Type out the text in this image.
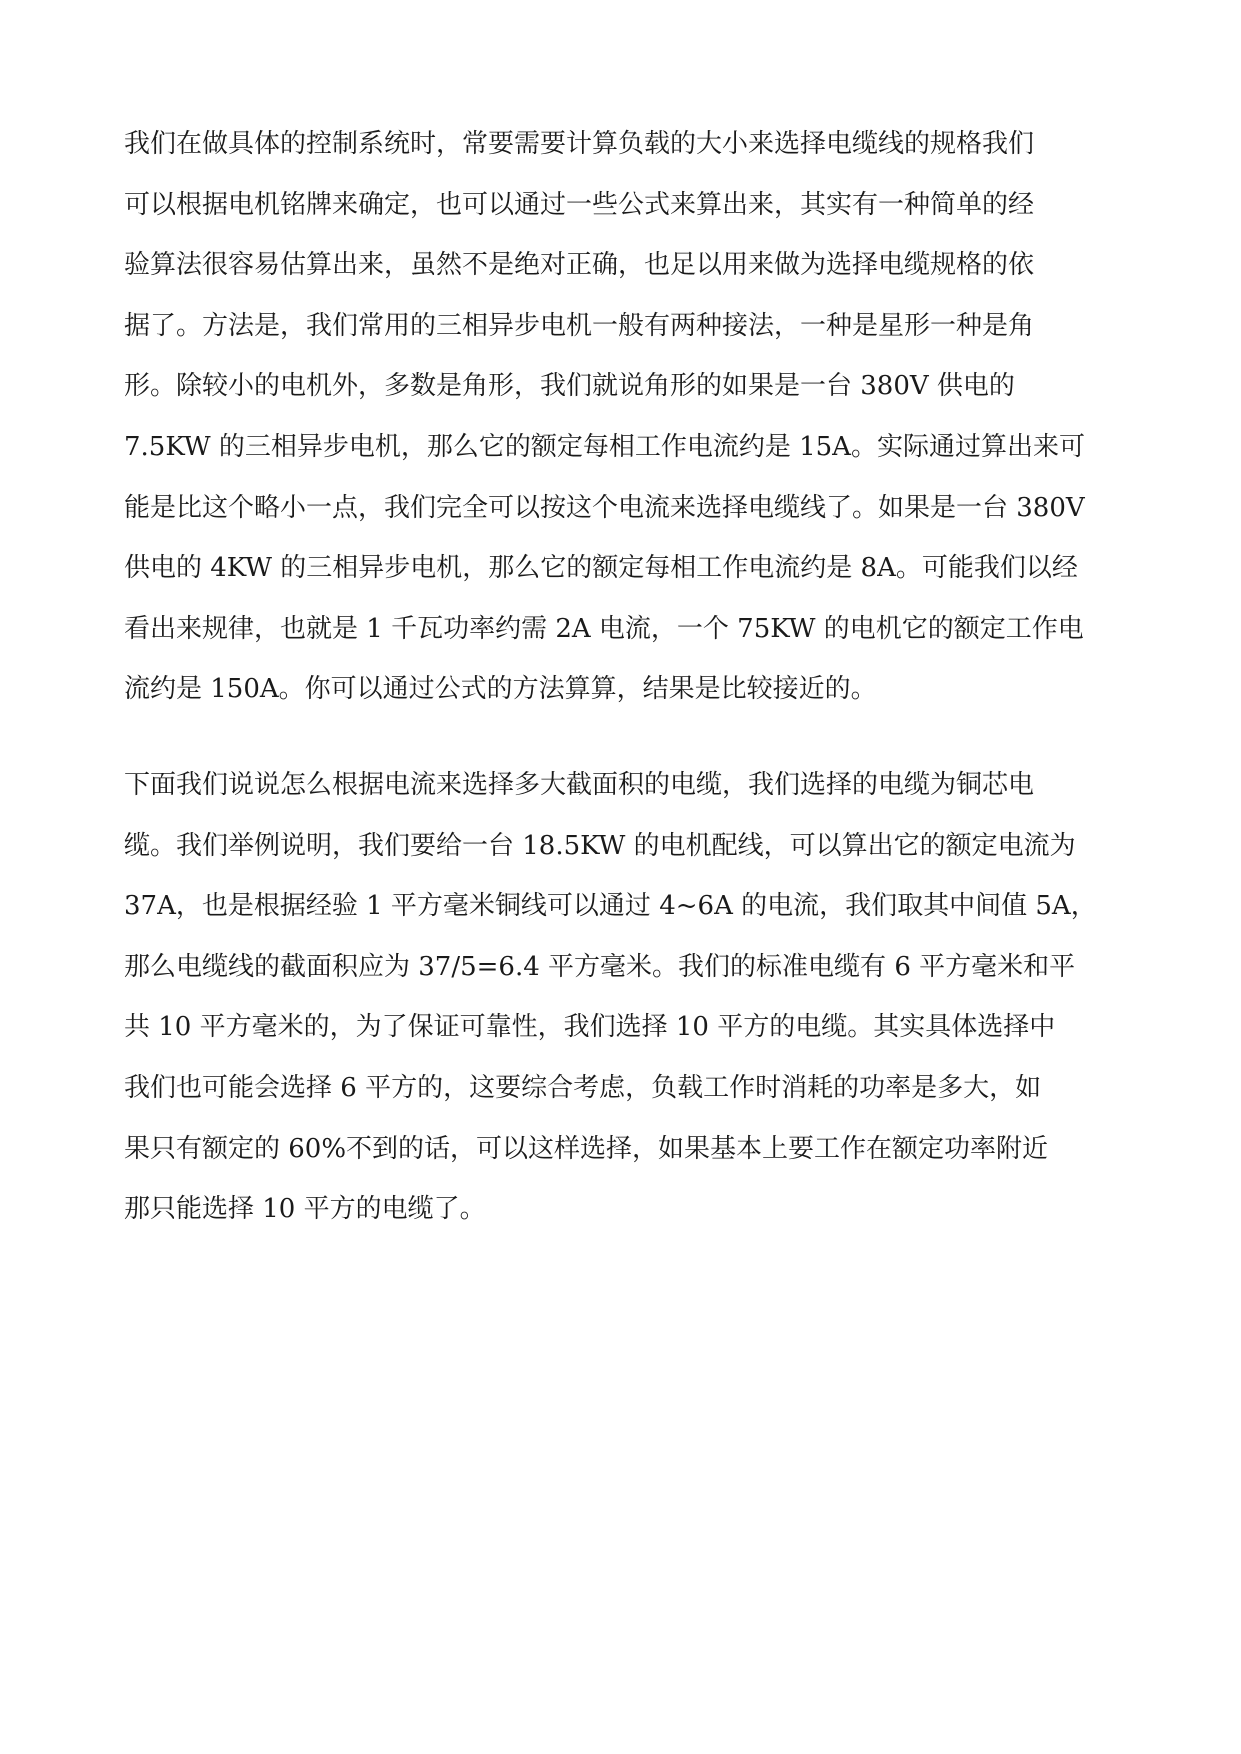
我们在做具体的控制系统时，常要需要计算负载的大小来选择电缆线的规格我们
可以根据电机铭牌来确定，也可以通过一些公式来算出来，其实有一种简单的经
验算法很容易估算出来，虽然不是绝对正确，也足以用来做为选择电缆规格的依
据了。方法是，我们常用的三相异步电机一般有两种接法，一种是星形一种是角
形。除较小的电机外，多数是角形，我们就说角形的如果是一台 380V 供电的
7.5KW 的三相异步电机，那么它的额定每相工作电流约是 15A。实际通过算出来可
能是比这个略小一点，我们完全可以按这个电流来选择电缆线了。如果是一台 380V
供电的 4KW 的三相异步电机，那么它的额定每相工作电流约是 8A。可能我们以经
看出来规律，也就是 1 千瓦功率约需 2A 电流，一个 75KW 的电机它的额定工作电
流约是 150A。你可以通过公式的方法算算，结果是比较接近的。
下面我们说说怎么根据电流来选择多大截面积的电缆，我们选择的电缆为铜芯电
缆。我们举例说明，我们要给一台 18.5KW 的电机配线，可以算出它的额定电流为
37A，也是根据经验 1 平方毫米铜线可以通过 4~6A 的电流，我们取其中间值 5A，
那么电缆线的截面积应为 37/5=6.4 平方毫米。我们的标准电缆有 6 平方毫米和平
共 10 平方毫米的，为了保证可靠性，我们选择 10 平方的电缆。其实具体选择中
我们也可能会选择 6 平方的，这要综合考虑，负载工作时消耗的功率是多大，如
果只有额定的 60%不到的话，可以这样选择，如果基本上要工作在额定功率附近
那只能选择 10 平方的电缆了。
